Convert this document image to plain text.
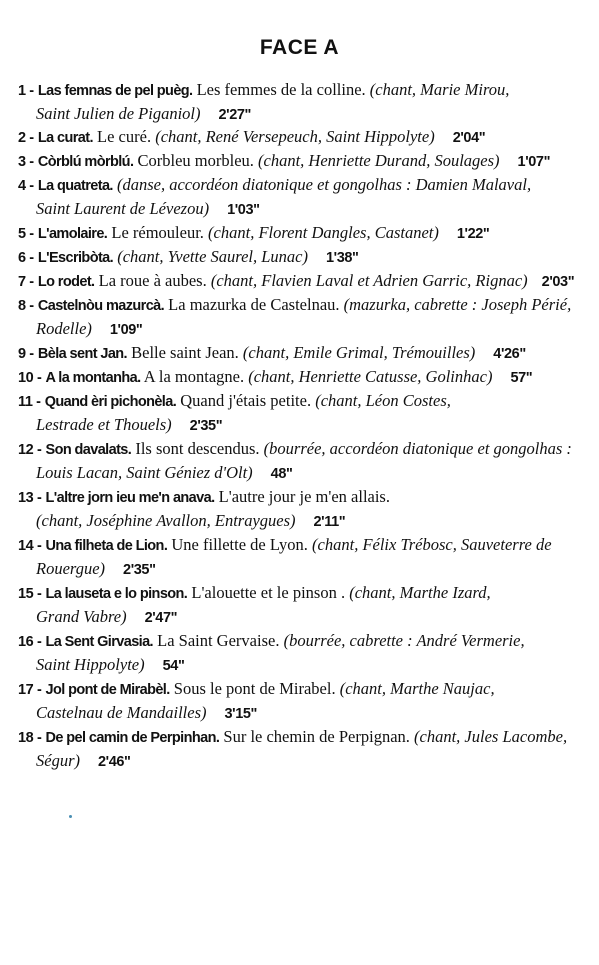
FACE A
1 - Las femnas de pel puèg. Les femmes de la colline. (chant, Marie Mirou,
Saint Julien de Piganiol) 2'27"
2 - La curat. Le curé. (chant, René Versepeuch, Saint Hippolyte) 2'04"
3 - Còrblú mòrblú. Corbleu morbleu. (chant, Henriette Durand, Soulages) 1'07"
4 - La quatreta. (danse, accordéon diatonique et gongolhas : Damien Malaval,
Saint Laurent de Lévezou) 1'03"
5 - L'amolaire. Le rémouleur. (chant, Florent Dangles, Castanet) 1'22"
6 - L'Escribòta. (chant, Yvette Saurel, Lunac) 1'38"
7 - Lo rodet. La roue à aubes. (chant, Flavien Laval et Adrien Garric, Rignac) 2'03"
8 - Castelnòu mazurcà. La mazurka de Castelnau. (mazurka, cabrette : Joseph Périé,
Rodelle) 1'09"
9 - Bèla sent Jan. Belle saint Jean. (chant, Emile Grimal, Trémouilles) 4'26"
10 - A la montanha. A la montagne. (chant, Henriette Catusse, Golinhac) 57"
11 - Quand èri pichonèla. Quand j'étais petite. (chant, Léon Costes,
Lestrade et Thouels) 2'35"
12 - Son davalats. Ils sont descendus. (bourrée, accordéon diatonique et gongolhas :
Louis Lacan, Saint Géniez d'Olt) 48"
13 - L'altre jorn ieu me'n anava. L'autre jour je m'en allais.
(chant, Joséphine Avallon, Entraygues) 2'11"
14 - Una filheta de Lion. Une fillette de Lyon. (chant, Félix Trébosc, Sauveterre de
Rouergue) 2'35"
15 - La lauseta e lo pinson. L'alouette et le pinson . (chant, Marthe Izard,
Grand Vabre) 2'47"
16 - La Sent Girvasia. La Saint Gervaise. (bourrée, cabrette : André Vermerie,
Saint Hippolyte) 54"
17 - Jol pont de Mirabèl. Sous le pont de Mirabel. (chant, Marthe Naujac,
Castelnau de Mandailles) 3'15"
18 - De pel camin de Perpinhan. Sur le chemin de Perpignan. (chant, Jules Lacombe,
Ségur) 2'46"
